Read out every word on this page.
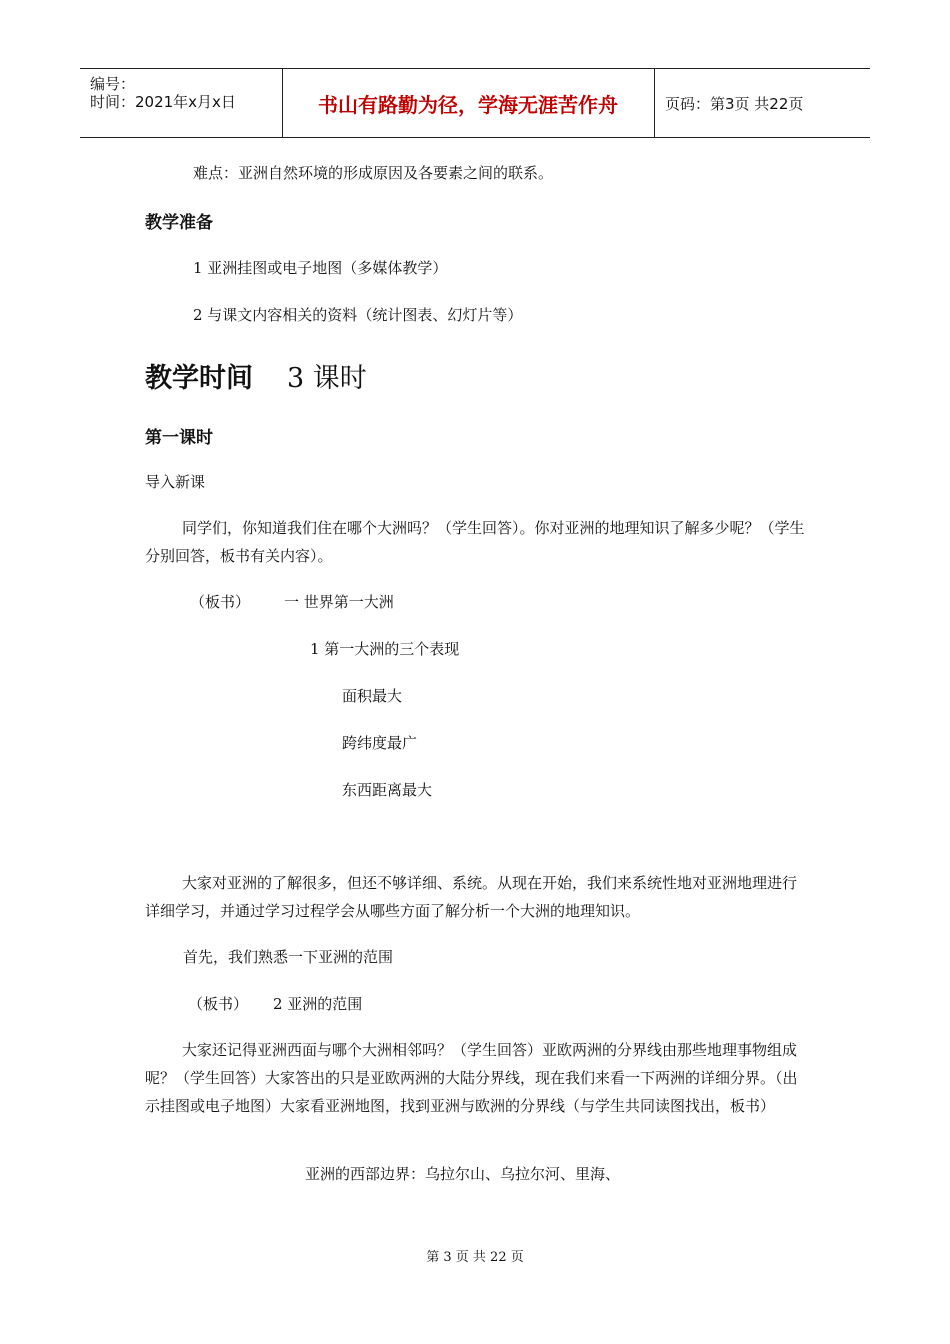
编号：
时间：2021年x月x日	书山有路勤为径，学海无涯苦作舟	页码：第3页 共22页
难点：亚洲自然环境的形成原因及各要素之间的联系。
教学准备
1 亚洲挂图或电子地图（多媒体教学）
2 与课文内容相关的资料（统计图表、幻灯片等）
教学时间 3 课时
第一课时
导入新课
同学们，你知道我们住在哪个大洲吗？（学生回答）。你对亚洲的地理知识了解多少呢？（学生分别回答，板书有关内容）。
（板书） 一 世界第一大洲
1 第一大洲的三个表现
面积最大
跨纬度最广
东西距离最大
大家对亚洲的了解很多，但还不够详细、系统。从现在开始，我们来系统性地对亚洲地理进行详细学习，并通过学习过程学会从哪些方面了解分析一个大洲的地理知识。
首先，我们熟悉一下亚洲的范围
（板书） 2 亚洲的范围
大家还记得亚洲西面与哪个大洲相邻吗？（学生回答）亚欧两洲的分界线由那些地理事物组成呢？（学生回答）大家答出的只是亚欧两洲的大陆分界线，现在我们来看一下两洲的详细分界。（出示挂图或电子地图）大家看亚洲地图，找到亚洲与欧洲的分界线（与学生共同读图找出，板书）
亚洲的西部边界：乌拉尔山、乌拉尔河、里海、
第 3 页 共 22 页
